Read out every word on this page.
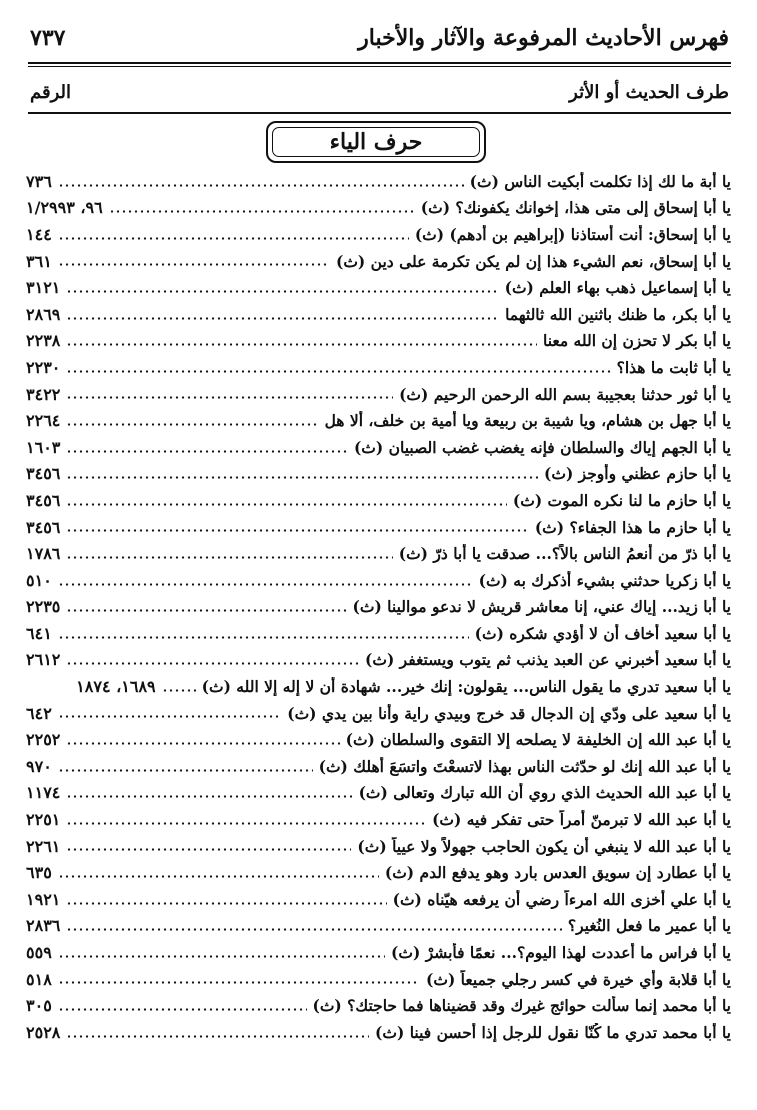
فهرس الأحاديث المرفوعة والآثار والأخبار
٧٣٧
طرف الحديث أو الأثر
الرقم
حرف الياء
يا أبة ما لك إذا تكلمت أبكيت الناس (ث)
٧٣٦
يا أبا إسحاق إلى متى هذا، إخوانك يكفونك؟ (ث)
٩٦، ١/٢٩٩٣
يا أبا إسحاق: أنت أستاذنا (إبراهيم بن أدهم) (ث)
١٤٤
يا أبا إسحاق، نعم الشيء هذا إن لم يكن تكرمة على دين (ث)
٣٦١
يا أبا إسماعيل ذهب بهاء العلم (ث)
٣١٢١
يا أبا بكر، ما ظنك باثنين الله ثالثهما
٢٨٦٩
يا أبا بكر لا تحزن إن الله معنا
٢٢٣٨
يا أبا ثابت ما هذا؟
٢٢٣٠
يا أبا ثور حدثنا بعجيبة بسم الله الرحمن الرحيم (ث)
٣٤٢٢
يا أبا جهل بن هشام، ويا شيبة بن ربيعة ويا أمية بن خلف، ألا هل
٢٢٦٤
يا أبا الجهم إياك والسلطان فإنه يغضب غضب الصبيان (ث)
١٦٠٣
يا أبا حازم عظني وأوجز (ث)
٣٤٥٦
يا أبا حازم ما لنا نكره الموت (ث)
٣٤٥٦
يا أبا حازم ما هذا الجفاء؟ (ث)
٣٤٥٦
يا أبا ذرّ من أنعمُ الناس بالاً؟... صدقت يا أبا ذرّ (ث)
١٧٨٦
يا أبا زكريا حدثني بشيء أذكرك به (ث)
٥١٠
يا أبا زيد... إياك عني، إنا معاشر قريش لا ندعو موالينا (ث)
٢٢٣٥
يا أبا سعيد أخاف أن لا أُؤدي شكره (ث)
٦٤١
يا أبا سعيد أخبرني عن العبد يذنب ثم يتوب ويستغفر (ث)
٢٦١٢
يا أبا سعيد تدري ما يقول الناس... يقولون: إنك خير... شهادة أن لا إله إلا الله (ث)
١٦٨٩، ١٨٧٤
يا أبا سعيد على ودّي إن الدجال قد خرج وبيدي راية وأنا بين يدي (ث)
٦٤٢
يا أبا عبد الله إن الخليفة لا يصلحه إلا التقوى والسلطان (ث)
٢٢٥٢
يا أبا عبد الله إنك لو حدّثت الناس بهذا لاتسعْتَ واتسَعَ أهلك (ث)
٩٧٠
يا أبا عبد الله الحديث الذي روي أن الله تبارك وتعالى (ث)
١١٧٤
يا أبا عبد الله لا تبرمنّ أمراً حتى تفكر فيه (ث)
٢٢٥١
يا أبا عبد الله لا ينبغي أن يكون الحاجب جهولاً ولا عيياً (ث)
٢٢٦١
يا أبا عطارد إن سويق العدس بارد وهو يدفع الدم (ث)
٦٣٥
يا أبا علي أخزى الله امرءاً رضي أن يرفعه هيّناه (ث)
١٩٢١
يا أبا عمير ما فعل النُغير؟
٢٨٣٦
يا أبا فراس ما أعددت لهذا اليوم؟... نعمًا فأبشرْ (ث)
٥٥٩
يا أبا قلابة وأي خيرة في كسر رجلي جميعاً (ث)
٥١٨
يا أبا محمد إنما سألت حوائج غيرك وقد قضيناها فما حاجتك؟ (ث)
٣٠٥
يا أبا محمد تدري ما كُنّا نقول للرجل إذا أحسن فينا (ث)
٢٥٢٨
